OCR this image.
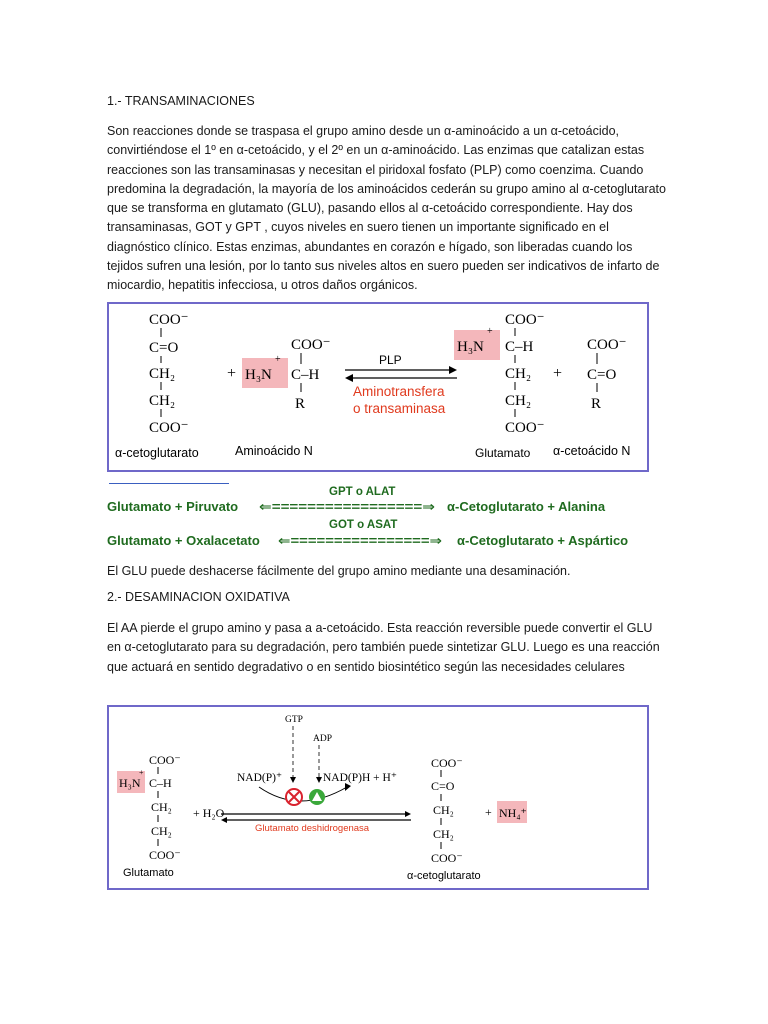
1.- TRANSAMINACIONES
Son reacciones donde se traspasa el grupo amino desde un α-aminoácido a un α-cetoácido, convirtiéndose el 1º en α-cetoácido, y el 2º en un α-aminoácido. Las enzimas que catalizan estas reacciones son las transaminasas y necesitan el piridoxal fosfato (PLP) como coenzima. Cuando predomina la degradación, la mayoría de los aminoácidos cederán su grupo amino al α-cetoglutarato que se transforma en glutamato (GLU), pasando ellos al α-cetoácido correspondiente. Hay dos transaminasas, GOT y GPT , cuyos niveles en suero tienen un importante significado en el diagnóstico clínico. Estas enzimas, abundantes en corazón e hígado, son liberadas cuando los tejidos sufren una lesión, por lo tanto sus niveles altos en suero pueden ser indicativos de infarto de miocardio, hepatitis infecciosa, u otros daños orgánicos.
COO⁻
C=O
CH₂
CH₂
COO⁻
+ H₃N
+
COO⁻
C–H
R
PLP
Aminotransfera
o transaminasa
H₃N
+
COO⁻
C–H
CH₂
CH₂
COO⁻
+
COO⁻
C=O
R
α-cetoglutarato	Aminoácido N	Glutamato α-cetoácido N
GPT o ALAT
Glutamato + Piruvato ⇐=================⇒ α-Cetoglutarato + Alanina
GOT o ASAT
Glutamato + Oxalacetato ⇐================⇒ α-Cetoglutarato + Aspártico
El GLU puede deshacerse fácilmente del grupo amino mediante una desaminación.
2.- DESAMINACION OXIDATIVA
El AA pierde el grupo amino y pasa a a-cetoácido. Esta reacción reversible puede convertir el GLU en α-cetoglutarato para su degradación, pero también puede sintetizar GLU. Luego es una reacción que actuará en sentido degradativo o en sentido biosintético según las necesidades celulares
COO⁻
H₃N
+
C–H
CH₂
CH₂
COO⁻
+ H₂O
GTP
ADP
NAD(P)⁺	NAD(P)H + H⁺
Glutamato deshidrogenasa
COO⁻
C=O
CH₂
CH₂
COO⁻
+ NH₄⁺
Glutamato	α-cetoglutarato
